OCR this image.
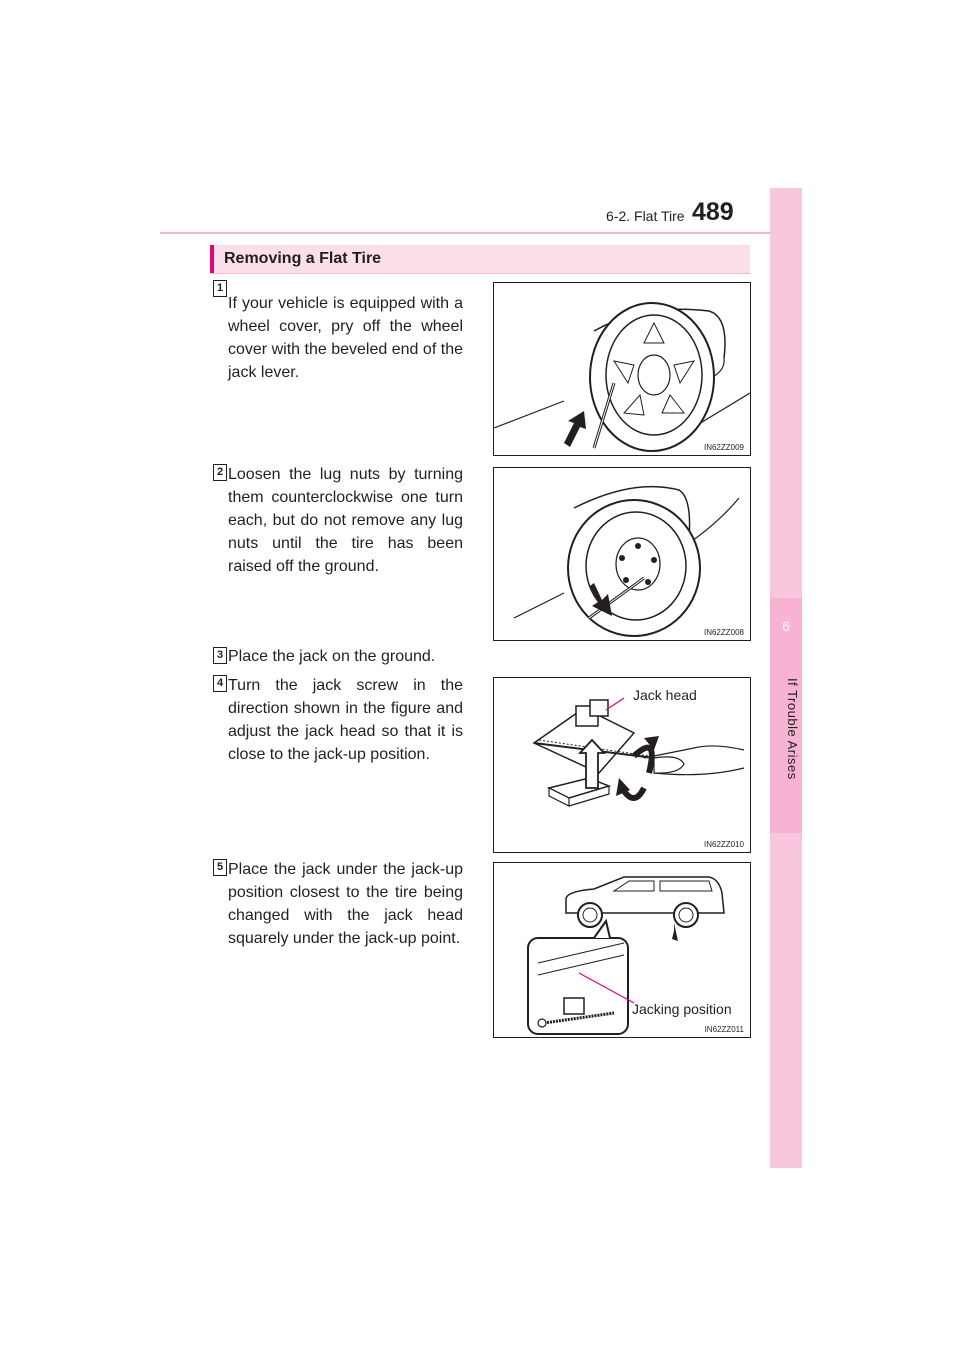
6-2. Flat Tire 489
6
If Trouble Arises
Removing a Flat Tire
1
If your vehicle is equipped with a wheel cover, pry off the wheel cover with the beveled end of the jack lever.
IN62ZZ009
2 Loosen the lug nuts by turning them counterclockwise one turn each, but do not remove any lug nuts until the tire has been raised off the ground.
IN62ZZ008
3 Place the jack on the ground.
4 Turn the jack screw in the direction shown in the figure and adjust the jack head so that it is close to the jack-up position.
IN62ZZ010
Jack head
5 Place the jack under the jack-up position closest to the tire being changed with the jack head squarely under the jack-up point.
IN62ZZ011
Jacking position
